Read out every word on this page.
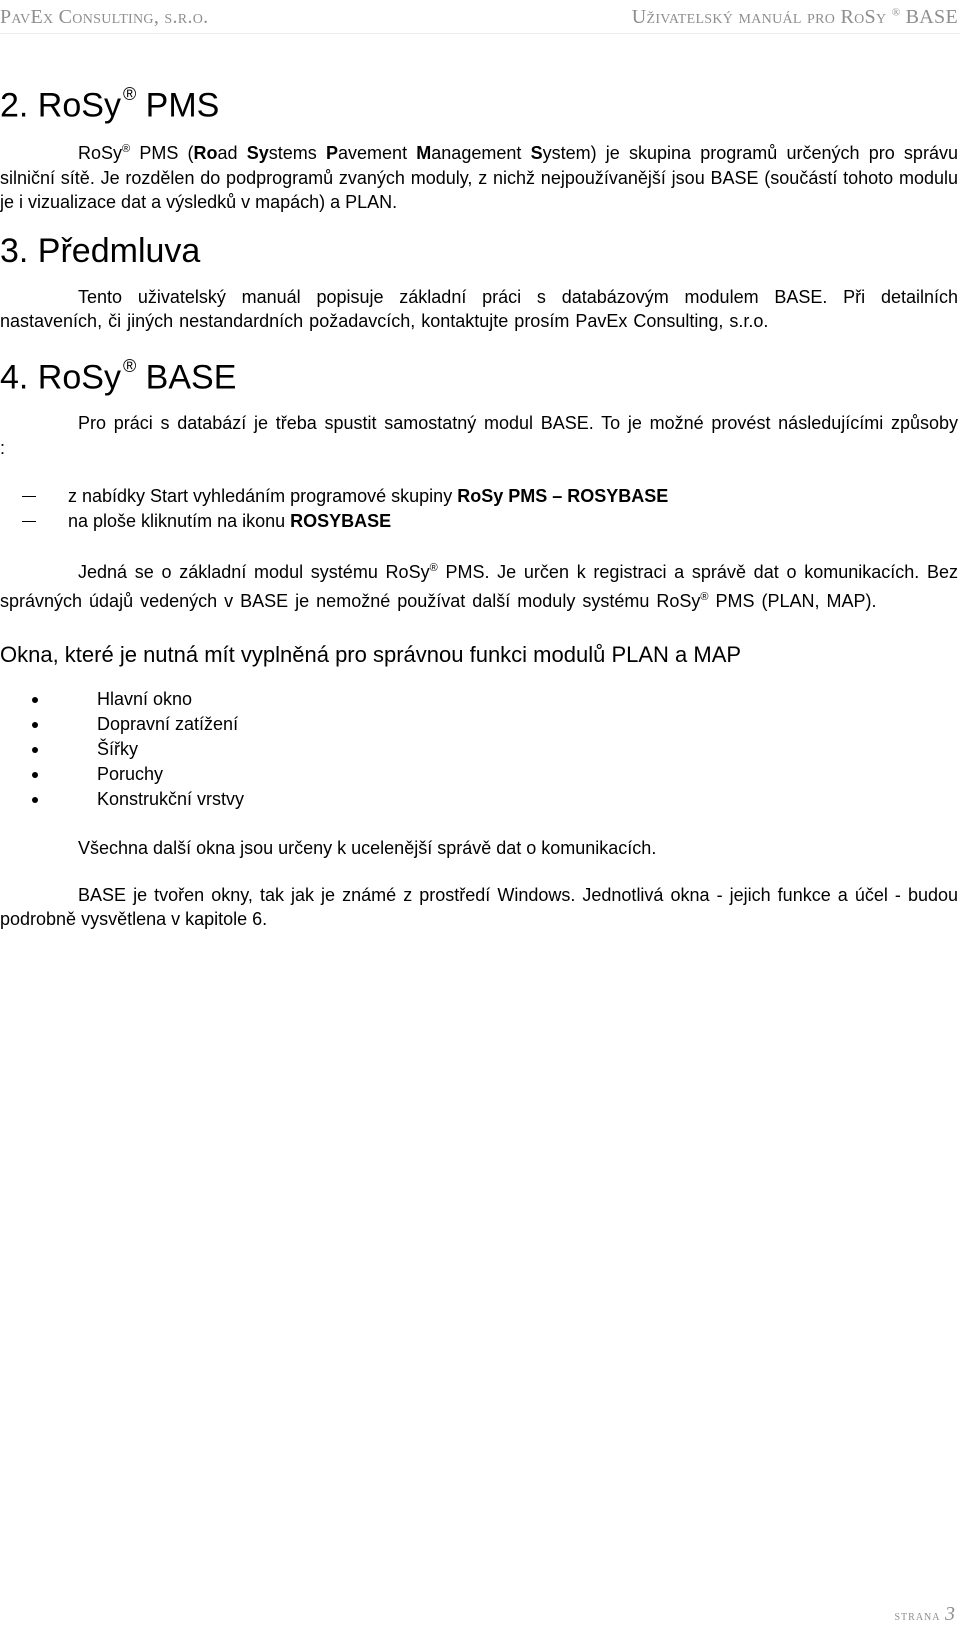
PavEx Consulting, s.r.o.	Uživatelský manuál pro RoSy ® BASE
2. RoSy ® PMS

RoSy® PMS (Road Systems Pavement Management System) je skupina programů určených pro správu silniční sítě. Je rozdělen do podprogramů zvaných moduly, z nichž nejpoužívanější jsou BASE (součástí tohoto modulu je i vizualizace dat a výsledků v mapách) a PLAN.

3. Předmluva

Tento uživatelský manuál popisuje základní práci s databázovým modulem BASE. Při detailních nastaveních, či jiných nestandardních požadavcích, kontaktujte prosím PavEx Consulting, s.r.o.

4. RoSy ® BASE

Pro práci s databází je třeba spustit samostatný modul BASE. To je možné provést následujícími způsoby :

z nabídky Start vyhledáním programové skupiny RoSy PMS – ROSYBASE
na ploše kliknutím na ikonu ROSYBASE

Jedná se o základní modul systému RoSy® PMS. Je určen k registraci a správě dat o komunikacích. Bez správných údajů vedených v BASE je nemožné používat další moduly systému RoSy® PMS (PLAN, MAP).

Okna, které je nutná mít vyplněná pro správnou funkci modulů PLAN a MAP
Hlavní okno
Dopravní zatížení
Šířky
Poruchy
Konstrukční vrstvy

Všechna další okna jsou určeny k ucelenější správě dat o komunikacích.

BASE je tvořen okny, tak jak je známé z prostředí Windows. Jednotlivá okna - jejich funkce a účel - budou podrobně vysvětlena v kapitole 6.

strana 3
